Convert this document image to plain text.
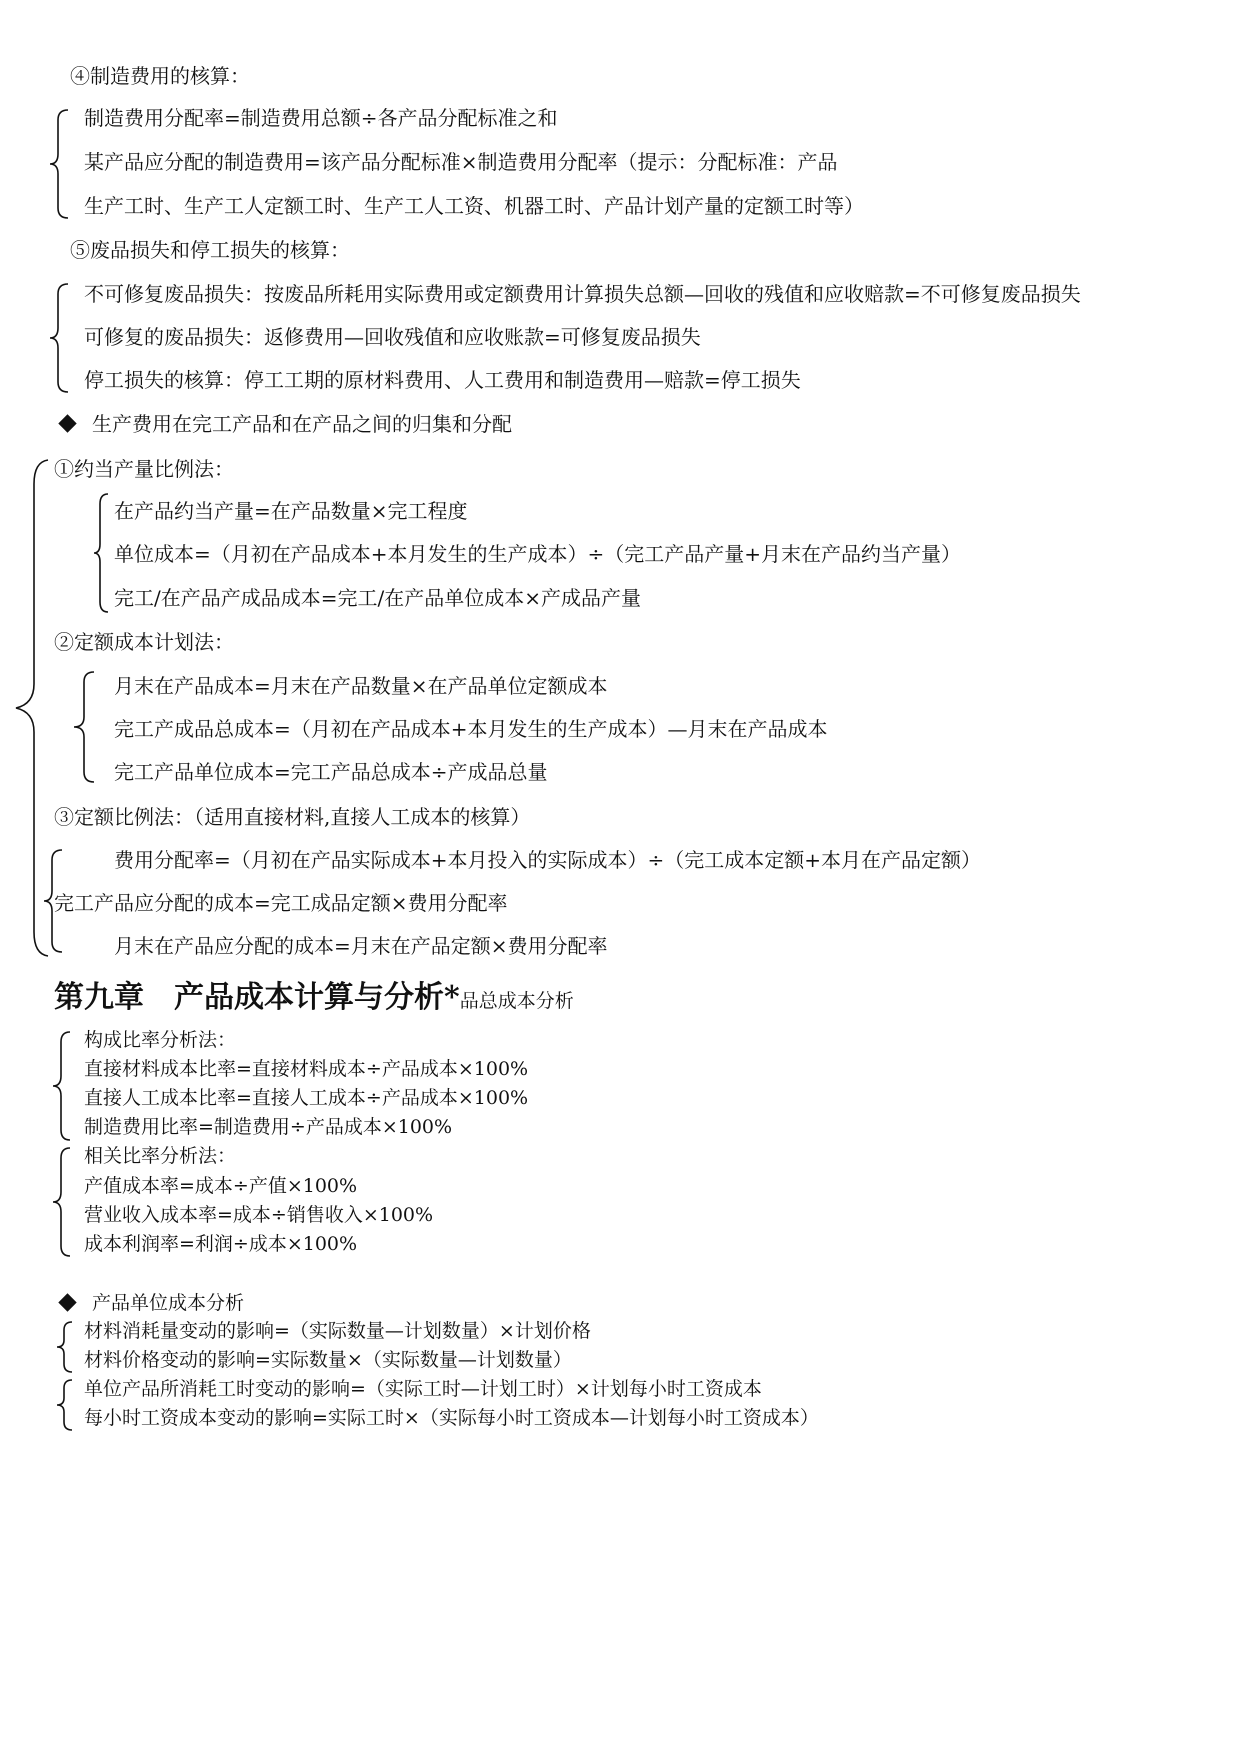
④制造费用的核算：
制造费用分配率=制造费用总额÷各产品分配标准之和
某产品应分配的制造费用=该产品分配标准×制造费用分配率（提示：分配标准：产品
生产工时、生产工人定额工时、生产工人工资、机器工时、产品计划产量的定额工时等）
⑤废品损失和停工损失的核算：
不可修复废品损失：按废品所耗用实际费用或定额费用计算损失总额—回收的残值和应收赔款=不可修复废品损失
可修复的废品损失：返修费用—回收残值和应收账款=可修复废品损失
停工损失的核算：停工工期的原材料费用、人工费用和制造费用—赔款=停工损失
生产费用在完工产品和在产品之间的归集和分配
①约当产量比例法：
在产品约当产量=在产品数量×完工程度
单位成本=（月初在产品成本+本月发生的生产成本）÷（完工产品产量+月末在产品约当产量）
完工/在产品产成品成本=完工/在产品单位成本×产成品产量
②定额成本计划法：
月末在产品成本=月末在产品数量×在产品单位定额成本
完工产成品总成本=（月初在产品成本+本月发生的生产成本）—月末在产品成本
完工产品单位成本=完工产品总成本÷产成品总量
③定额比例法：（适用直接材料,直接人工成本的核算）
费用分配率=（月初在产品实际成本+本月投入的实际成本）÷（完工成本定额+本月在产品定额）
完工产品应分配的成本=完工成品定额×费用分配率
月末在产品应分配的成本=月末在产品定额×费用分配率
第九章　产品成本计算与分析*品总成本分析
构成比率分析法：
直接材料成本比率=直接材料成本÷产品成本×100%
直接人工成本比率=直接人工成本÷产品成本×100%
制造费用比率=制造费用÷产品成本×100%
相关比率分析法：
产值成本率=成本÷产值×100%
营业收入成本率=成本÷销售收入×100%
成本利润率=利润÷成本×100%
产品单位成本分析
材料消耗量变动的影响=（实际数量—计划数量）×计划价格
材料价格变动的影响=实际数量×（实际数量—计划数量）
单位产品所消耗工时变动的影响=（实际工时—计划工时）×计划每小时工资成本
每小时工资成本变动的影响=实际工时×（实际每小时工资成本—计划每小时工资成本）
